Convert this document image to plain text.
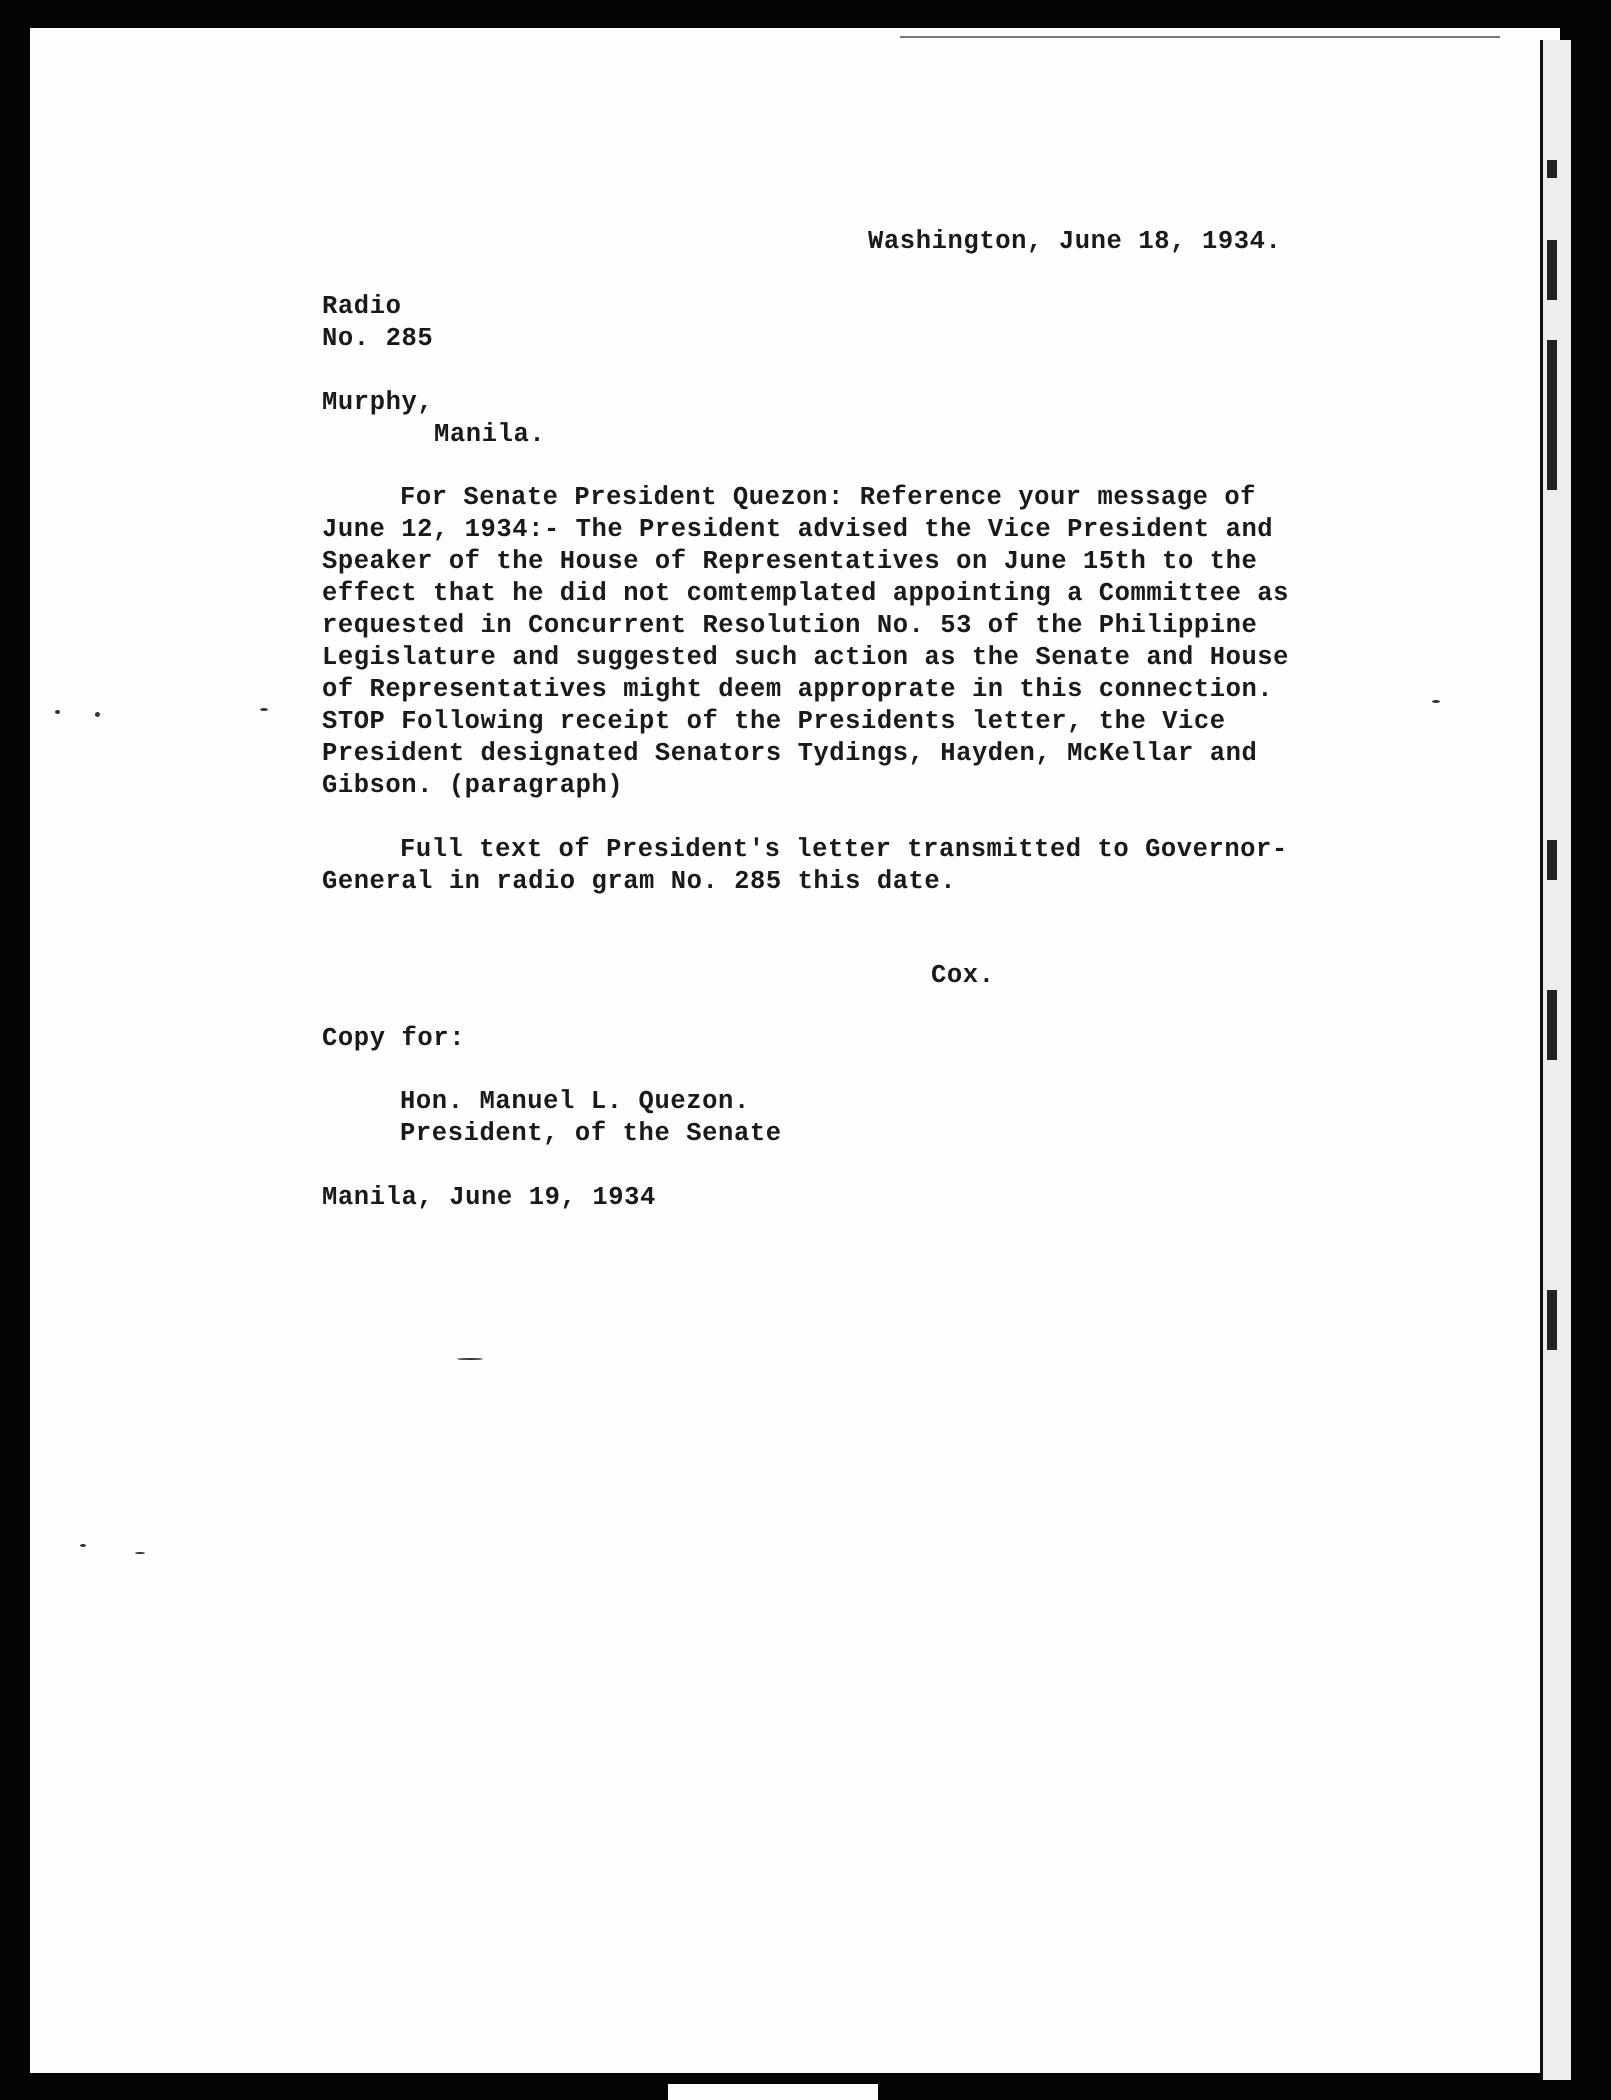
Washington, June 18, 1934.
Radio
No. 285
Murphy,
Manila.
For Senate President Quezon: Reference your message of
June 12, 1934:- The President advised the Vice President and
Speaker of the House of Representatives on June 15th to the
effect that he did not comtemplated appointing a Committee as
requested in Concurrent Resolution No. 53 of the Philippine
Legislature and suggested such action as the Senate and House
of Representatives might deem approprate in this connection.
STOP Following receipt of the Presidents letter, the Vice
President designated Senators Tydings, Hayden, McKellar and
Gibson. (paragraph)
Full text of President's letter transmitted to Governor-
General in radio gram No. 285 this date.
Cox.
Copy for:
Hon. Manuel L. Quezon.
President, of the Senate
Manila, June 19, 1934
